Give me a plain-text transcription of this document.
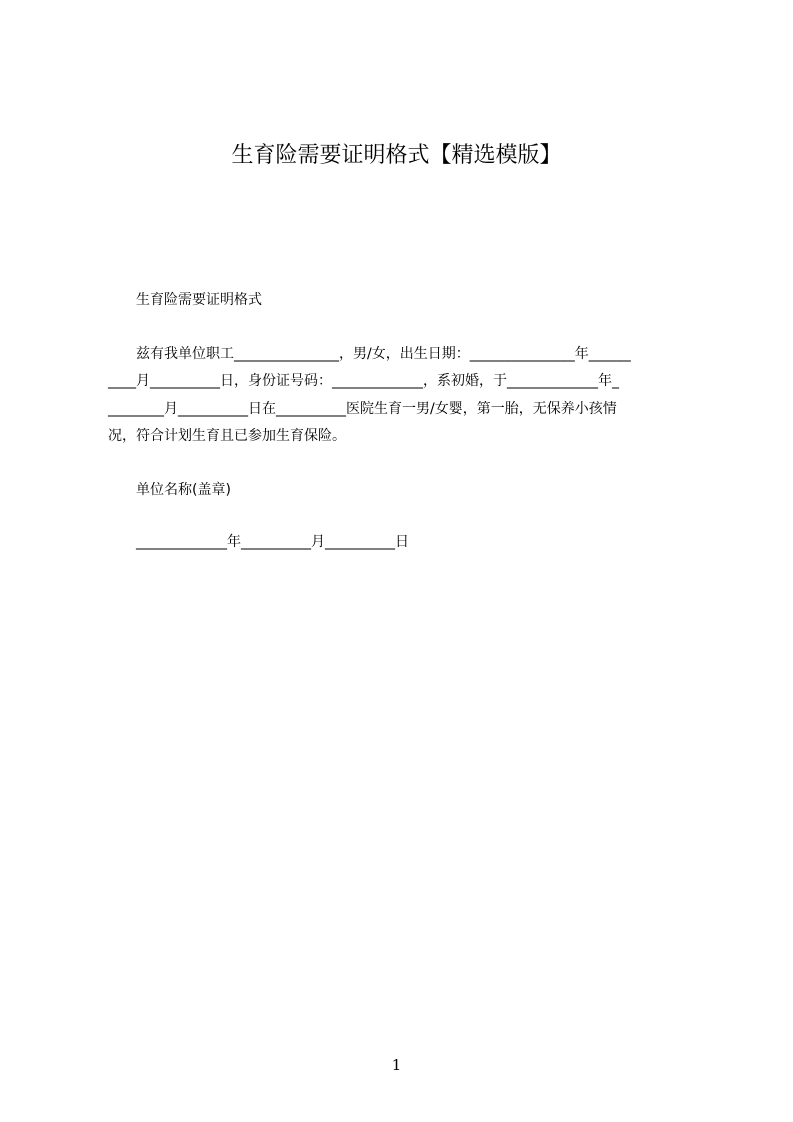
生育险需要证明格式【精选模版】
生育险需要证明格式
兹有我单位职工_______________，男/女，出生日期：_______________年______
____月__________日，身份证号码：_____________，系初婚，于_____________年_
________月__________日在__________医院生育一男/女婴，第一胎，无保养小孩情
况，符合计划生育且已参加生育保险。
单位名称(盖章)
_____________年__________月__________日
1
